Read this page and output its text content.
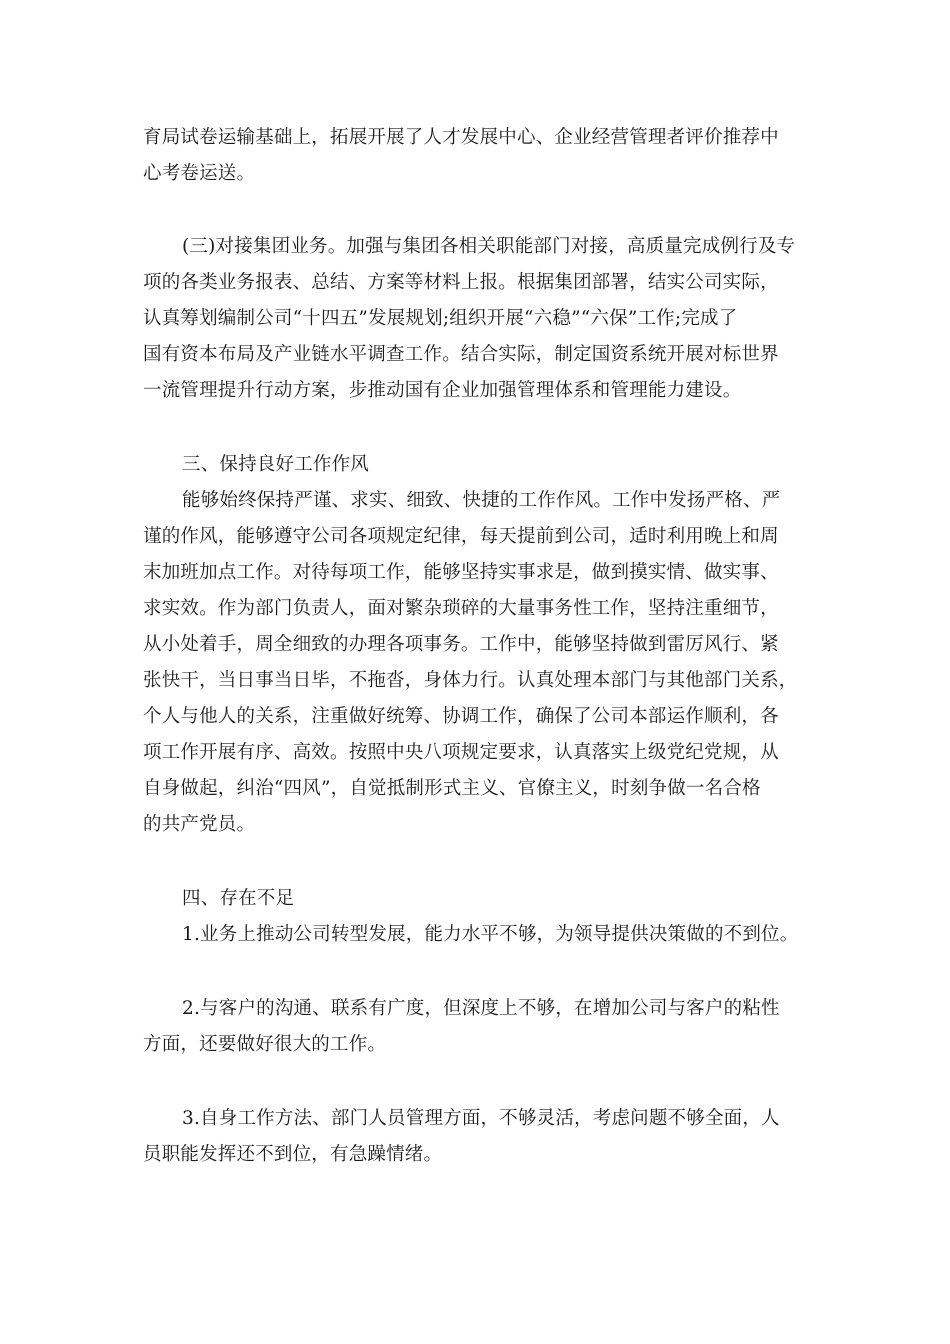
育局试卷运输基础上，拓展开展了人才发展中心、企业经营管理者评价推荐中
心考卷运送。
(三)对接集团业务。加强与集团各相关职能部门对接，高质量完成例行及专
项的各类业务报表、总结、方案等材料上报。根据集团部署，结实公司实际，
认真筹划编制公司“十四五”发展规划;组织开展“六稳”“六保”工作;完成了
国有资本布局及产业链水平调查工作。结合实际，制定国资系统开展对标世界
一流管理提升行动方案，步推动国有企业加强管理体系和管理能力建设。
三、保持良好工作作风
能够始终保持严谨、求实、细致、快捷的工作作风。工作中发扬严格、严
谨的作风，能够遵守公司各项规定纪律，每天提前到公司，适时利用晚上和周
末加班加点工作。对待每项工作，能够坚持实事求是，做到摸实情、做实事、
求实效。作为部门负责人，面对繁杂琐碎的大量事务性工作，坚持注重细节，
从小处着手，周全细致的办理各项事务。工作中，能够坚持做到雷厉风行、紧
张快干，当日事当日毕，不拖沓，身体力行。认真处理本部门与其他部门关系，
个人与他人的关系，注重做好统筹、协调工作，确保了公司本部运作顺利，各
项工作开展有序、高效。按照中央八项规定要求，认真落实上级党纪党规，从
自身做起，纠治“四风”，自觉抵制形式主义、官僚主义，时刻争做一名合格
的共产党员。
四、存在不足
1.业务上推动公司转型发展，能力水平不够，为领导提供决策做的不到位。
2.与客户的沟通、联系有广度，但深度上不够，在增加公司与客户的粘性
方面，还要做好很大的工作。
3.自身工作方法、部门人员管理方面，不够灵活，考虑问题不够全面，人
员职能发挥还不到位，有急躁情绪。
